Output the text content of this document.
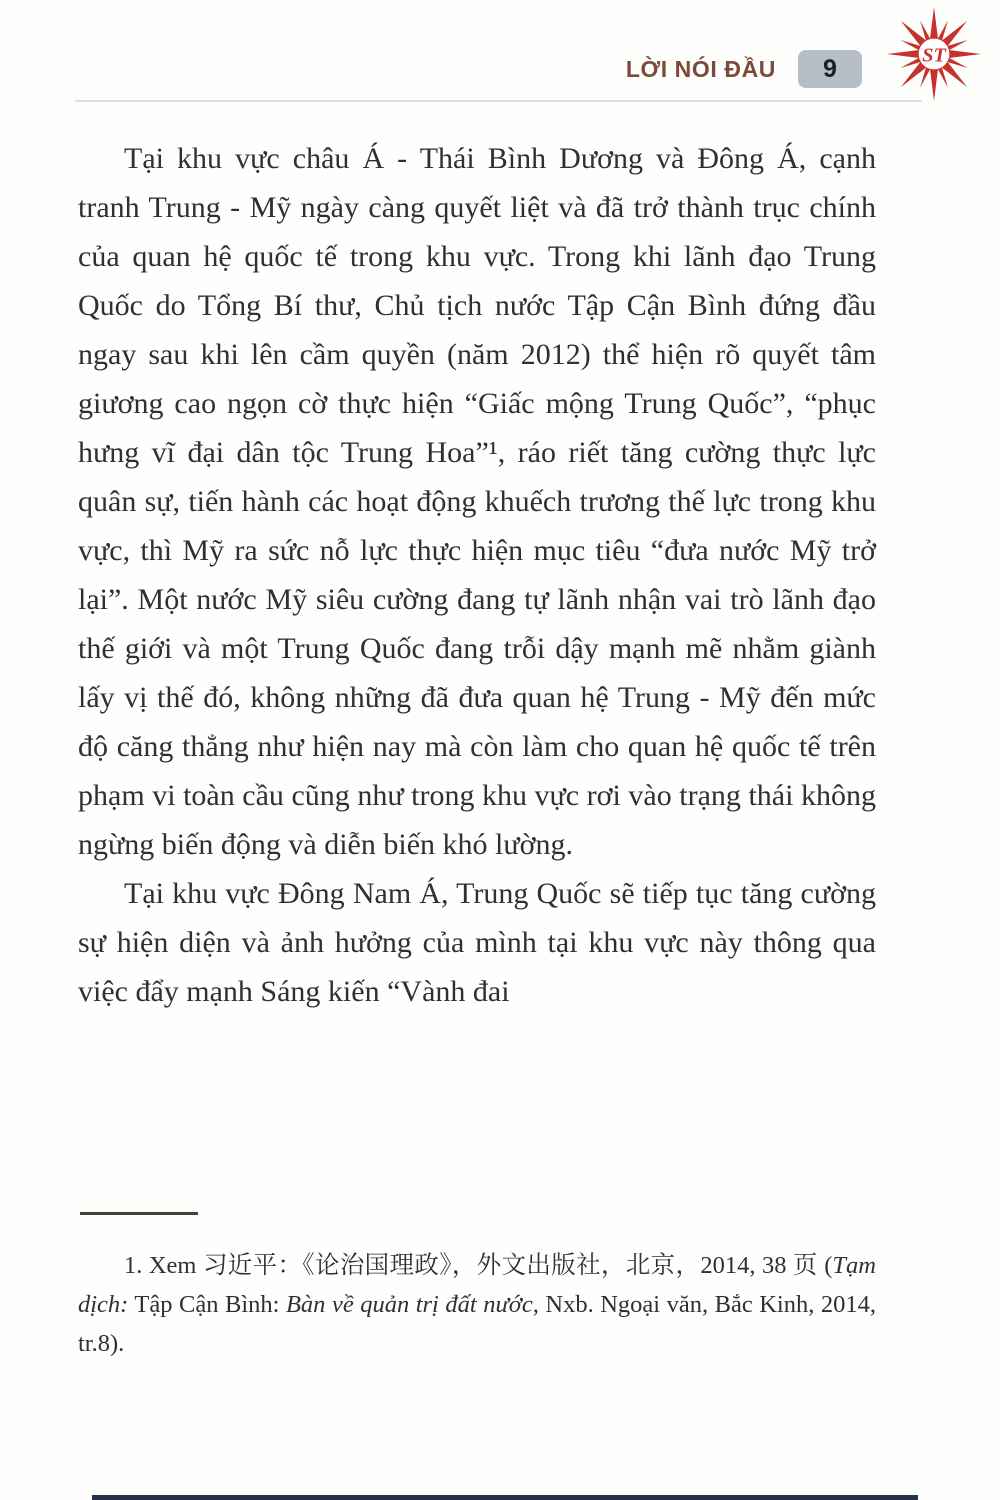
LỜI NÓI ĐẦU	9	ST

Tại khu vực châu Á - Thái Bình Dương và Đông Á, cạnh tranh Trung - Mỹ ngày càng quyết liệt và đã trở thành trục chính của quan hệ quốc tế trong khu vực. Trong khi lãnh đạo Trung Quốc do Tổng Bí thư, Chủ tịch nước Tập Cận Bình đứng đầu ngay sau khi lên cầm quyền (năm 2012) thể hiện rõ quyết tâm giương cao ngọn cờ thực hiện “Giấc mộng Trung Quốc”, “phục hưng vĩ đại dân tộc Trung Hoa”¹, ráo riết tăng cường thực lực quân sự, tiến hành các hoạt động khuếch trương thế lực trong khu vực, thì Mỹ ra sức nỗ lực thực hiện mục tiêu “đưa nước Mỹ trở lại”. Một nước Mỹ siêu cường đang tự lãnh nhận vai trò lãnh đạo thế giới và một Trung Quốc đang trỗi dậy mạnh mẽ nhằm giành lấy vị thế đó, không những đã đưa quan hệ Trung - Mỹ đến mức độ căng thẳng như hiện nay mà còn làm cho quan hệ quốc tế trên phạm vi toàn cầu cũng như trong khu vực rơi vào trạng thái không ngừng biến động và diễn biến khó lường.

Tại khu vực Đông Nam Á, Trung Quốc sẽ tiếp tục tăng cường sự hiện diện và ảnh hưởng của mình tại khu vực này thông qua việc đẩy mạnh Sáng kiến “Vành đai

1. Xem 习近平：《论治国理政》，外文出版社，北京，2014, 38 页 (Tạm dịch: Tập Cận Bình: Bàn về quản trị đất nước, Nxb. Ngoại văn, Bắc Kinh, 2014, tr.8).
